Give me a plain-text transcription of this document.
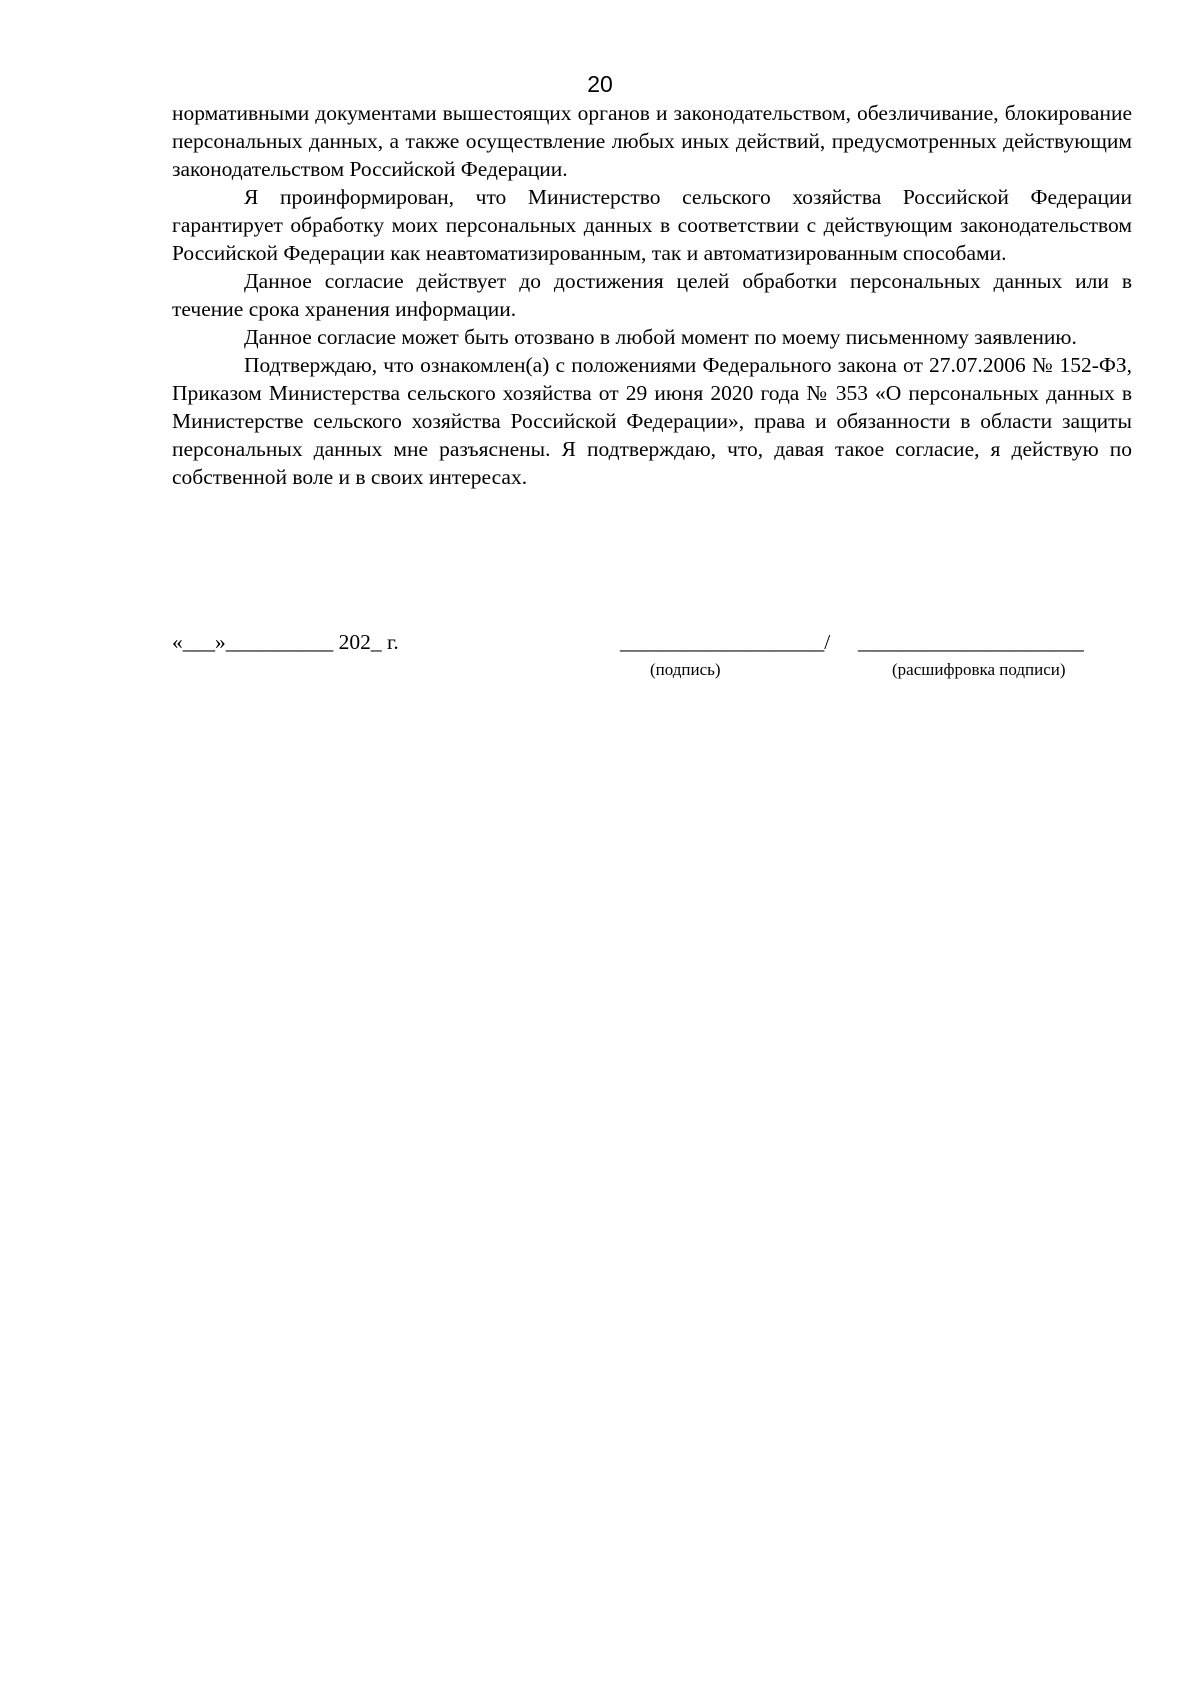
20

нормативными документами вышестоящих органов и законодательством, обезличивание, блокирование персональных данных, а также осуществление любых иных действий, предусмотренных действующим законодательством Российской Федерации.

Я проинформирован, что Министерство сельского хозяйства Российской Федерации гарантирует обработку моих персональных данных в соответствии с действующим законодательством Российской Федерации как неавтоматизированным, так и автоматизированным способами.

Данное согласие действует до достижения целей обработки персональных данных или в течение срока хранения информации.

Данное согласие может быть отозвано в любой момент по моему письменному заявлению.

Подтверждаю, что ознакомлен(а) с положениями Федерального закона от 27.07.2006 № 152-ФЗ, Приказом Министерства сельского хозяйства от 29 июня 2020 года № 353 «О персональных данных в Министерстве сельского хозяйства Российской Федерации», права и обязанности в области защиты персональных данных мне разъяснены. Я подтверждаю, что, давая такое согласие, я действую по собственной воле и в своих интересах.

«___»__________ 202_ г.	___________________/ _____________________
(подпись)	(расшифровка подписи)
